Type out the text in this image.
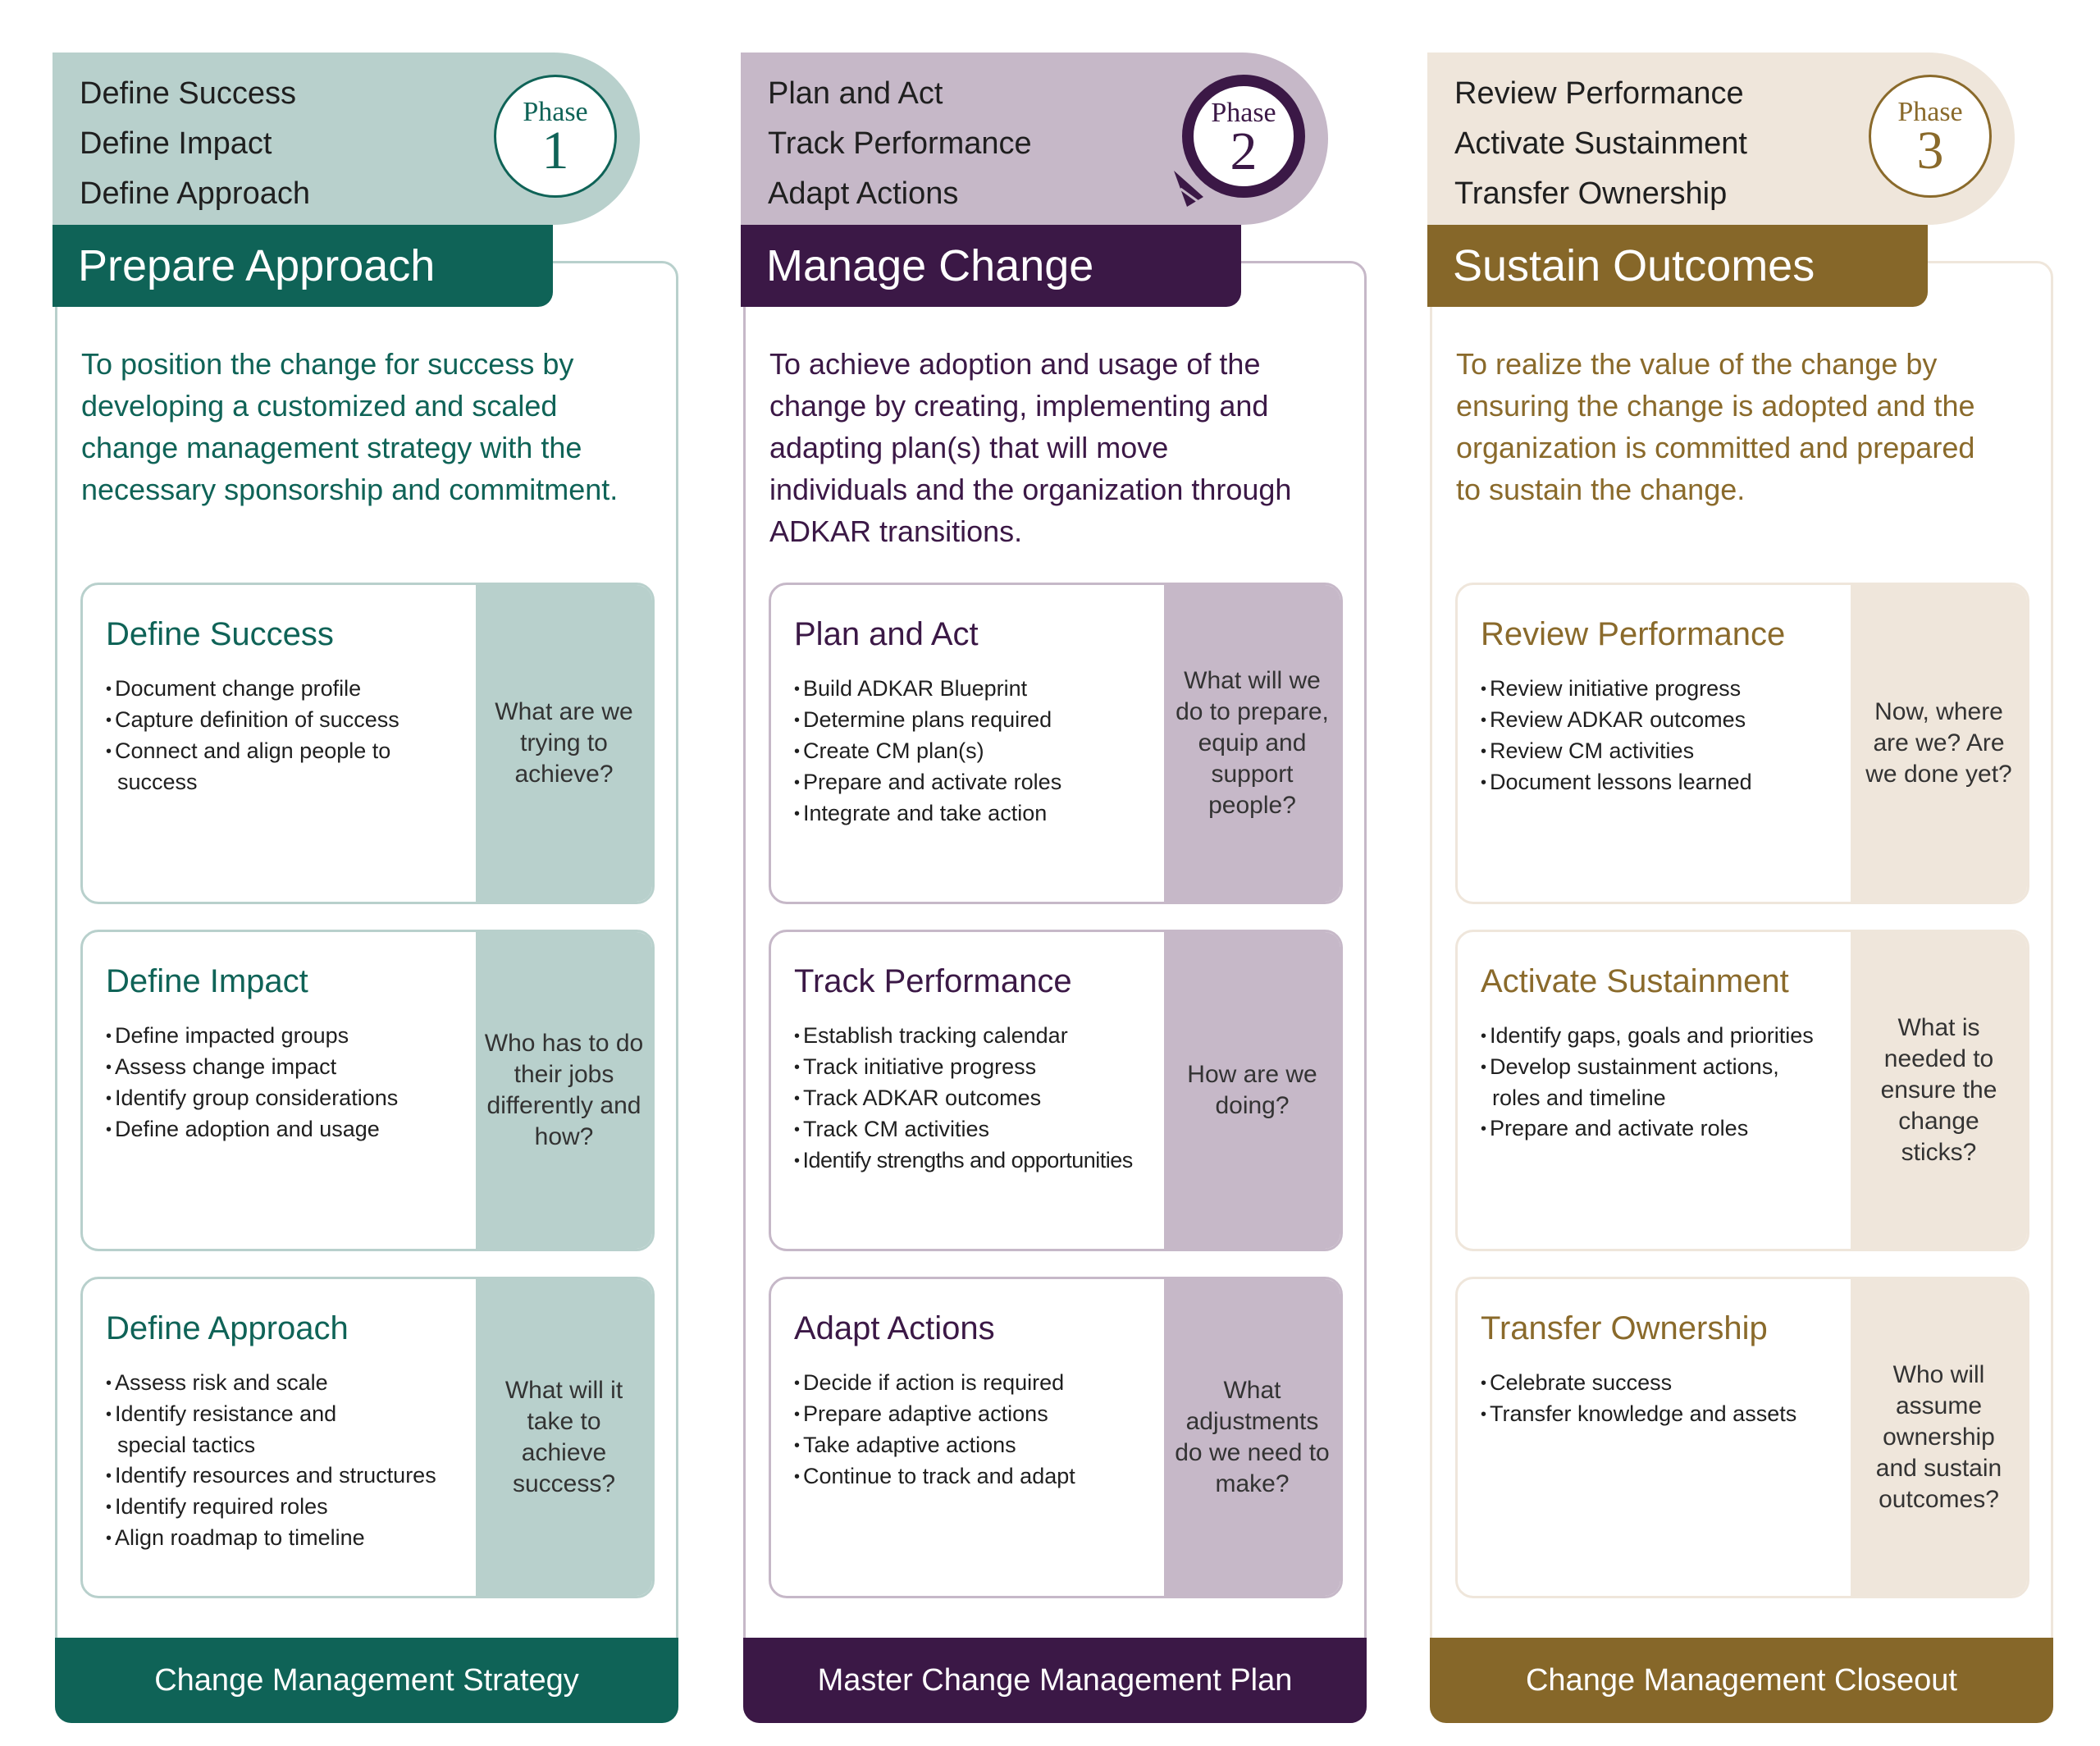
Define Success
Define Impact
Define Approach
Phase
1
Prepare Approach

To position the change for success by developing a customized and scaled change management strategy with the necessary sponsorship and commitment.

Define Success
• Document change profile
• Capture definition of success
• Connect and align people to success
What are we trying to achieve?
Define Impact
• Define impacted groups
• Assess change impact
• Identify group considerations
• Define adoption and usage
Who has to do their jobs differently and how?
Define Approach
• Assess risk and scale
• Identify resistance and special tactics
• Identify resources and structures
• Identify required roles
• Align roadmap to timeline
What will it take to achieve success?
Change Management Strategy
Plan and Act
Track Performance
Adapt Actions
Phase
2
Manage Change

To achieve adoption and usage of the change by creating, implementing and adapting plan(s) that will move individuals and the organization through ADKAR transitions.

Plan and Act
• Build ADKAR Blueprint
• Determine plans required
• Create CM plan(s)
• Prepare and activate roles
• Integrate and take action
What will we do to prepare, equip and support people?
Track Performance
• Establish tracking calendar
• Track initiative progress
• Track ADKAR outcomes
• Track CM activities
• Identify strengths and opportunities
How are we doing?
Adapt Actions
• Decide if action is required
• Prepare adaptive actions
• Take adaptive actions
• Continue to track and adapt
What adjustments do we need to make?
Master Change Management Plan
Review Performance
Activate Sustainment
Transfer Ownership
Phase
3
Sustain Outcomes

To realize the value of the change by ensuring the change is adopted and the organization is committed and prepared to sustain the change.

Review Performance
• Review initiative progress
• Review ADKAR outcomes
• Review CM activities
• Document lessons learned
Now, where are we? Are we done yet?
Activate Sustainment
• Identify gaps, goals and priorities
• Develop sustainment actions, roles and timeline
• Prepare and activate roles
What is needed to ensure the change sticks?
Transfer Ownership
• Celebrate success
• Transfer knowledge and assets
Who will assume ownership and sustain outcomes?
Change Management Closeout
